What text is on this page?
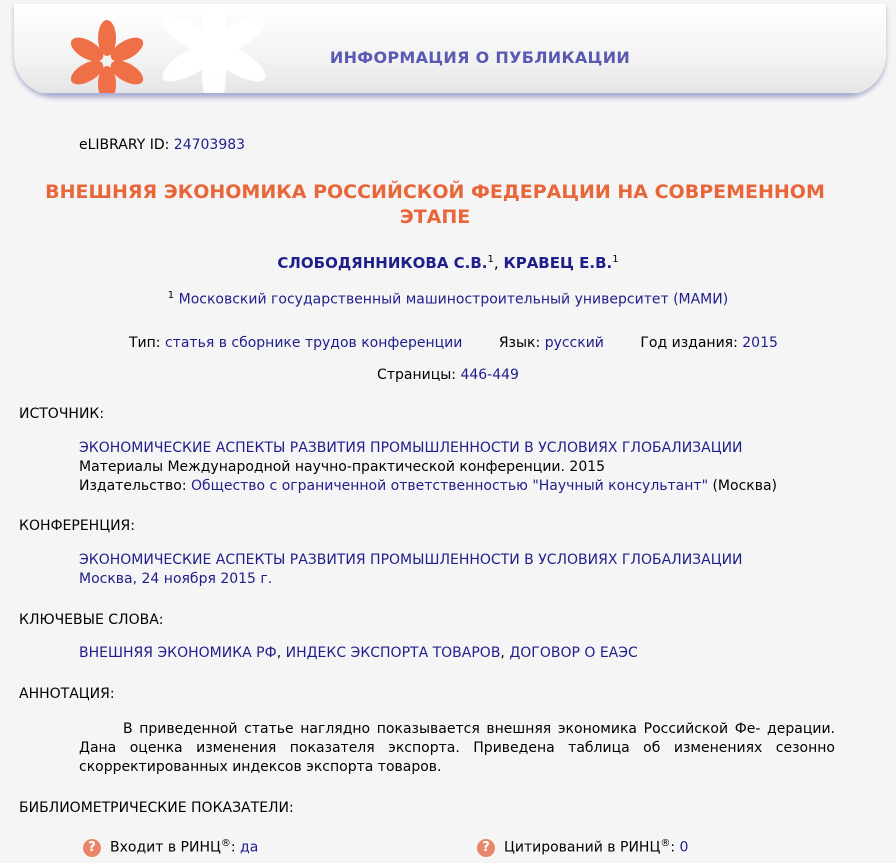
ИНФОРМАЦИЯ О ПУБЛИКАЦИИ
eLIBRARY ID: 24703983
ВНЕШНЯЯ ЭКОНОМИКА РОССИЙСКОЙ ФЕДЕРАЦИИ НА СОВРЕМЕННОМ ЭТАПЕ
СЛОБОДЯННИКОВА С.В.$^1$, КРАВЕЦ Е.В.$^1$
$^1$ Московский государственный машиностроительный университет (МАМИ)
Тип: статья в сборнике трудов конференции	Язык: русский	Год издания: 2015
Страницы: 446-449
ИСТОЧНИК:
ЭКОНОМИЧЕСКИЕ АСПЕКТЫ РАЗВИТИЯ ПРОМЫШЛЕННОСТИ В УСЛОВИЯХ ГЛОБАЛИЗАЦИИ
Материалы Международной научно-практической конференции. 2015
Издательство: Общество с ограниченной ответственностью "Научный консультант" (Москва)
КОНФЕРЕНЦИЯ:
ЭКОНОМИЧЕСКИЕ АСПЕКТЫ РАЗВИТИЯ ПРОМЫШЛЕННОСТИ В УСЛОВИЯХ ГЛОБАЛИЗАЦИИ
Москва, 24 ноября 2015 г.
КЛЮЧЕВЫЕ СЛОВА:
ВНЕШНЯЯ ЭКОНОМИКА РФ, ИНДЕКС ЭКСПОРТА ТОВАРОВ, ДОГОВОР О ЕАЭС
АННОТАЦИЯ:
В приведенной статье наглядно показывается внешняя экономика Российской Фе- дерации. Дана оценка изменения показателя экспорта. Приведена таблица об изменениях сезонно скорректированных индексов экспорта товаров.
БИБЛИОМЕТРИЧЕСКИЕ ПОКАЗАТЕЛИ:
? Входит в РИНЦ®: да	? Цитирований в РИНЦ®: 0
